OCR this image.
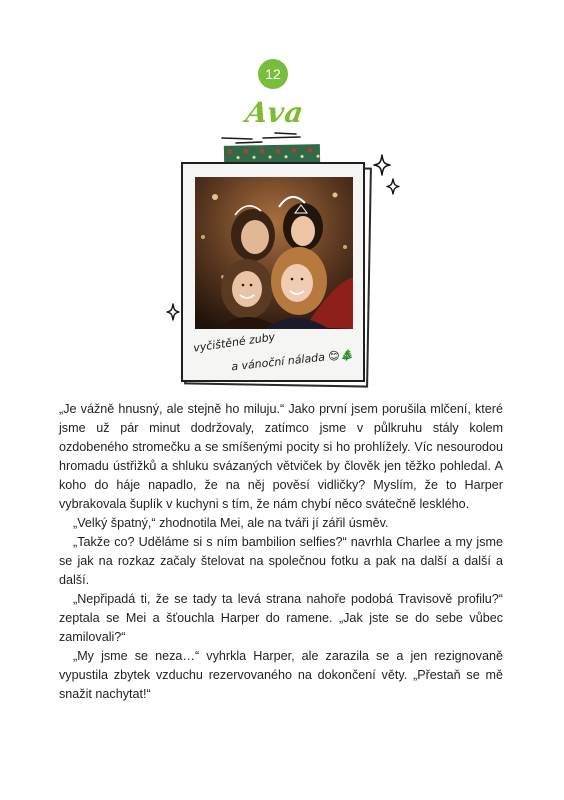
12
Ava
vyčištěné zuby
a vánoční nálada 😊🎄

„Je vážně hnusný, ale stejně ho miluju.“ Jako první jsem porušila mlčení, které jsme už pár minut dodržovaly, zatímco jsme v půlkruhu stály kolem ozdobeného stromečku a se smíšenými pocity si ho prohlížely. Víc nesourodou hromadu ústřižků a shluku svázaných větviček by člověk jen těžko pohledal. A koho do háje napadlo, že na něj pověsí vidličky? Myslím, že to Harper vybrakovala šuplík v kuchyni s tím, že nám chybí něco svátečně lesklého.

„Velký špatný,“ zhodnotila Mei, ale na tváři jí zářil úsměv.

„Takže co? Uděláme si s ním bambilion selfies?“ navrhla Charlee a my jsme se jak na rozkaz začaly štelovat na společnou fotku a pak na další a další a další.

„Nepřipadá ti, že se tady ta levá strana nahoře podobá Travisově profilu?“ zeptala se Mei a šťouchla Harper do ramene. „Jak jste se do sebe vůbec zamilovali?“

„My jsme se neza…“ vyhrkla Harper, ale zarazila se a jen rezignovaně vypustila zbytek vzduchu rezervovaného na dokončení věty. „Přestaň se mě snažit nachytat!“
